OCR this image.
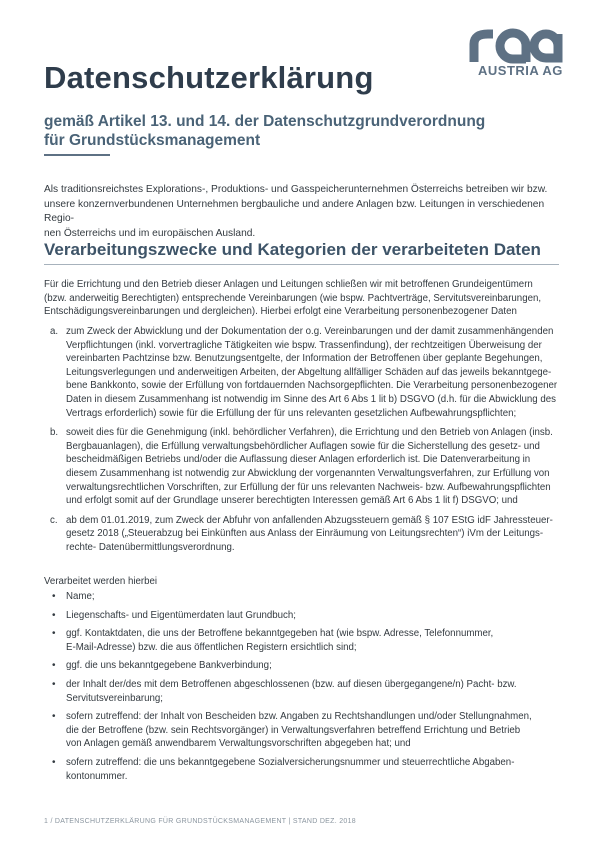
AUSTRIA AG
Datenschutzerklärung
gemäß Artikel 13. und 14. der Datenschutzgrundverordnung
für Grundstücksmanagement
Als traditionsreichstes Explorations-, Produktions- und Gasspeicherunternehmen Österreichs betreiben wir bzw.
unsere konzernverbundenen Unternehmen bergbauliche und andere Anlagen bzw. Leitungen in verschiedenen Regio-
nen Österreichs und im europäischen Ausland.
Verarbeitungszwecke und Kategorien der verarbeiteten Daten
Für die Errichtung und den Betrieb dieser Anlagen und Leitungen schließen wir mit betroffenen Grundeigentümern
(bzw. anderweitig Berechtigten) entsprechende Vereinbarungen (wie bspw. Pachtverträge, Servitutsvereinbarungen,
Entschädigungsvereinbarungen und dergleichen). Hierbei erfolgt eine Verarbeitung personenbezogener Daten
a. zum Zweck der Abwicklung und der Dokumentation der o.g. Vereinbarungen und der damit zusammenhängenden
Verpflichtungen (inkl. vorvertragliche Tätigkeiten wie bspw. Trassenfindung), der rechtzeitigen Überweisung der
vereinbarten Pachtzinse bzw. Benutzungsentgelte, der Information der Betroffenen über geplante Begehungen,
Leitungsverlegungen und anderweitigen Arbeiten, der Abgeltung allfälliger Schäden auf das jeweils bekanntgege-
bene Bankkonto, sowie der Erfüllung von fortdauernden Nachsorgepflichten. Die Verarbeitung personenbezogener
Daten in diesem Zusammenhang ist notwendig im Sinne des Art 6 Abs 1 lit b) DSGVO (d.h. für die Abwicklung des
Vertrags erforderlich) sowie für die Erfüllung der für uns relevanten gesetzlichen Aufbewahrungspflichten;
b. soweit dies für die Genehmigung (inkl. behördlicher Verfahren), die Errichtung und den Betrieb von Anlagen (insb.
Bergbauanlagen), die Erfüllung verwaltungsbehördlicher Auflagen sowie für die Sicherstellung des gesetz- und
bescheidmäßigen Betriebs und/oder die Auflassung dieser Anlagen erforderlich ist. Die Datenverarbeitung in
diesem Zusammenhang ist notwendig zur Abwicklung der vorgenannten Verwaltungsverfahren, zur Erfüllung von
verwaltungsrechtlichen Vorschriften, zur Erfüllung der für uns relevanten Nachweis- bzw. Aufbewahrungspflichten
und erfolgt somit auf der Grundlage unserer berechtigten Interessen gemäß Art 6 Abs 1 lit f) DSGVO; und
c. ab dem 01.01.2019, zum Zweck der Abfuhr von anfallenden Abzugssteuern gemäß § 107 EStG idF Jahressteuer-
gesetz 2018 („Steuerabzug bei Einkünften aus Anlass der Einräumung von Leitungsrechten“) iVm der Leitungs-
rechte- Datenübermittlungsverordnung.
Verarbeitet werden hierbei
• Name;
• Liegenschafts- und Eigentümerdaten laut Grundbuch;
• ggf. Kontaktdaten, die uns der Betroffene bekanntgegeben hat (wie bspw. Adresse, Telefonnummer,
E-Mail-Adresse) bzw. die aus öffentlichen Registern ersichtlich sind;
• ggf. die uns bekanntgegebene Bankverbindung;
• der Inhalt der/des mit dem Betroffenen abgeschlossenen (bzw. auf diesen übergegangene/n) Pacht- bzw.
Servitutsvereinbarung;
• sofern zutreffend: der Inhalt von Bescheiden bzw. Angaben zu Rechtshandlungen und/oder Stellungnahmen,
die der Betroffene (bzw. sein Rechtsvorgänger) in Verwaltungsverfahren betreffend Errichtung und Betrieb
von Anlagen gemäß anwendbarem Verwaltungsvorschriften abgegeben hat; und
• sofern zutreffend: die uns bekanntgegebene Sozialversicherungsnummer und steuerrechtliche Abgaben-
kontonummer.
1 / DATENSCHUTZERKLÄRUNG FÜR GRUNDSTÜCKSMANAGEMENT | STAND DEZ. 2018
